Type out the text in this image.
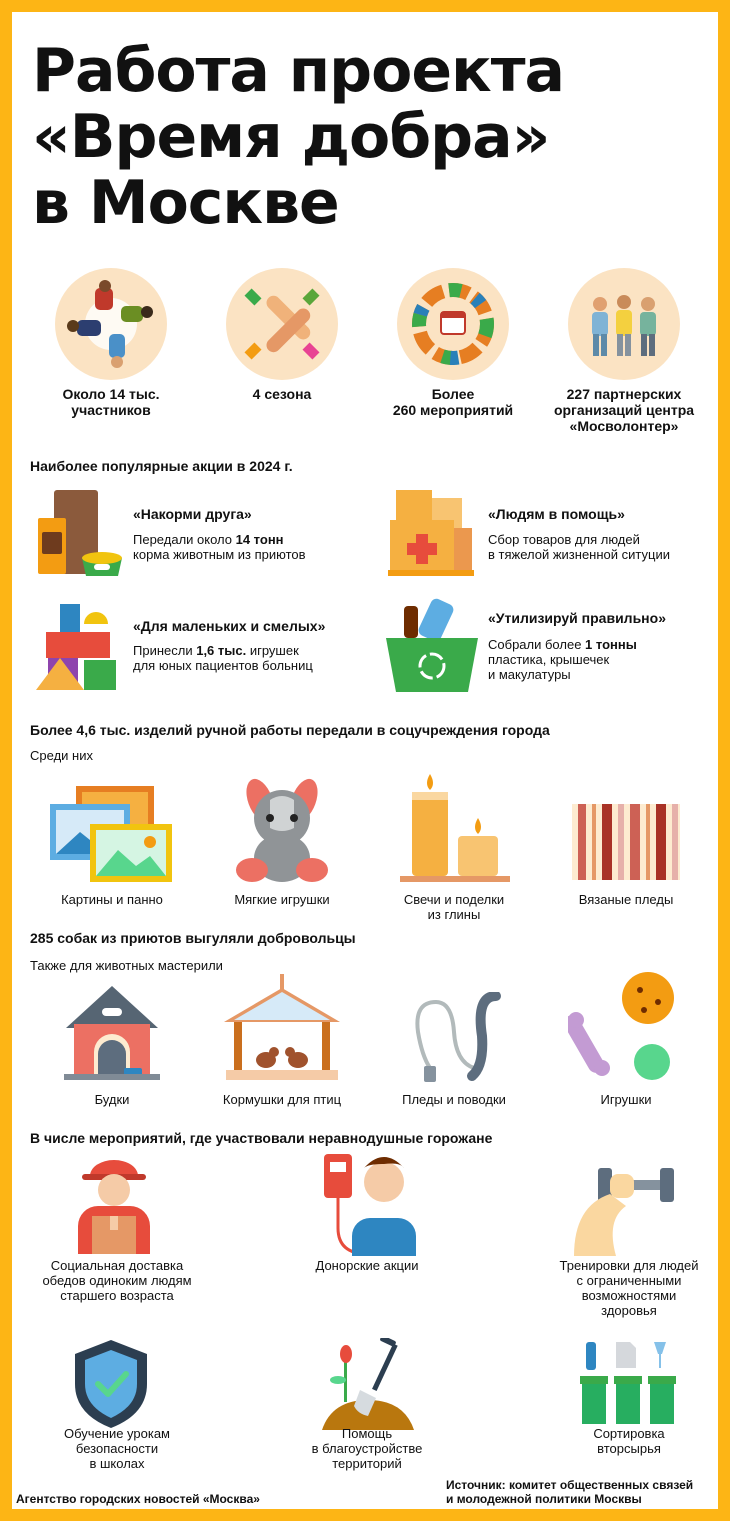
Работа проекта
«Время добра»
в Москве
Около 14 тыс.
участников
4 сезона	Более
260 мероприятий
227 партнерских
организаций центра
«Мосволонтер»
Наиболее популярные акции в 2024 г.
«Накорми друга»
Передали около 14 тонн
корма животным из приютов
«Людям в помощь»
Сбор товаров для людей
в тяжелой жизненной ситуции
«Для маленьких и смелых»
Принесли 1,6 тыс. игрушек
для юных пациентов больниц
«Утилизируй правильно»
Собрали более 1 тонны
пластика, крышечек
и макулатуры
Более 4,6 тыс. изделий ручной работы передали в соцучреждения города
Среди них
Картины и панно	Мягкие игрушки	Свечи и поделки
из глины
Вязаные пледы
285 собак из приютов выгуляли добровольцы
Также для животных мастерили
Будки	Кормушки для птиц	Пледы и поводки	Игрушки
В числе мероприятий, где участвовали неравнодушные горожане
Социальная доставка
обедов одиноким людям
старшего возраста
Донорские акции	Тренировки для людей
с ограниченными
возможностями
здоровья
Обучение урокам
безопасности
в школах
Помощь
в благоустройстве
территорий
Сортировка
вторсырья
Агентство городских новостей «Москва»
Источник: комитет общественных связей
и молодежной политики Москвы
